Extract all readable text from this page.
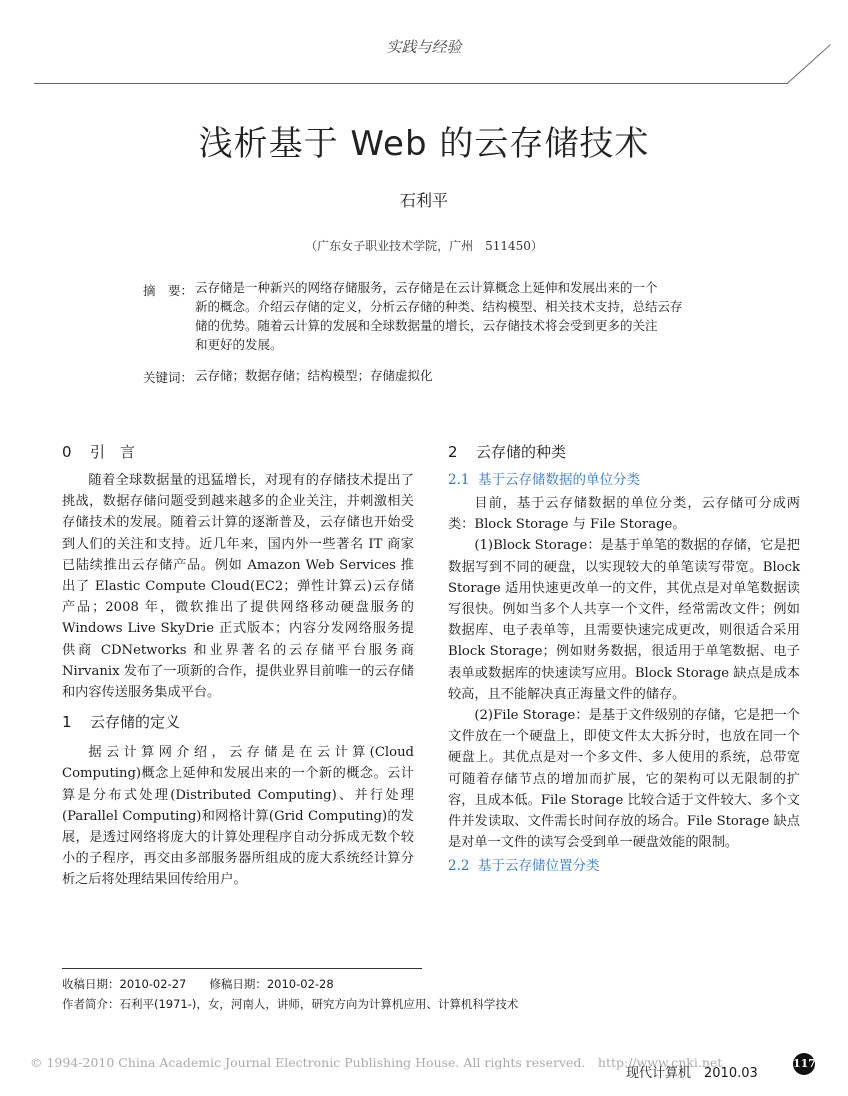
实践与经验
浅析基于 Web 的云存储技术
石利平
（广东女子职业技术学院，广州　511450）
摘　要： 云存储是一种新兴的网络存储服务，云存储是在云计算概念上延伸和发展出来的一个
新的概念。介绍云存储的定义，分析云存储的种类、结构模型、相关技术支持，总结云存
储的优势。随着云计算的发展和全球数据量的增长，云存储技术将会受到更多的关注
和更好的发展。
关键词： 云存储；数据存储；结构模型；存储虚拟化
0 引　言

随着全球数据量的迅猛增长，对现有的存储技术提出了挑战，数据存储问题受到越来越多的企业关注，并刺激相关存储技术的发展。随着云计算的逐渐普及，云存储也开始受到人们的关注和支持。近几年来，国内外一些著名 IT 商家已陆续推出云存储产品。例如 Amazon Web Services 推出了 Elastic Compute Cloud(EC2；弹性计算云)云存储产品；2008 年，微软推出了提供网络移动硬盘服务的 Windows Live SkyDrie 正式版本；内容分发网络服务提供商 CDNetworks 和业界著名的云存储平台服务商 Nirvanix 发布了一项新的合作，提供业界目前唯一的云存储和内容传送服务集成平台。

1 云存储的定义

据云计算网介绍，云存储是在云计算(Cloud Computing)概念上延伸和发展出来的一个新的概念。云计算是分布式处理(Distributed Computing)、并行处理(Parallel Computing)和网格计算(Grid Computing)的发展，是透过网络将庞大的计算处理程序自动分拆成无数个较小的子程序，再交由多部服务器所组成的庞大系统经计算分析之后将处理结果回传给用户。

2 云存储的种类
2.1 基于云存储数据的单位分类

目前，基于云存储数据的单位分类，云存储可分成两类：Block Storage 与 File Storage。

(1)Block Storage：是基于单笔的数据的存储，它是把数据写到不同的硬盘，以实现较大的单笔读写带宽。Block Storage 适用快速更改单一的文件，其优点是对单笔数据读写很快。例如当多个人共享一个文件，经常需改文件；例如数据库、电子表单等，且需要快速完成更改，则很适合采用 Block Storage；例如财务数据，很适用于单笔数据、电子表单或数据库的快速读写应用。Block Storage 缺点是成本较高，且不能解决真正海量文件的储存。

(2)File Storage：是基于文件级别的存储，它是把一个文件放在一个硬盘上，即使文件太大拆分时，也放在同一个硬盘上。其优点是对一个多文件、多人使用的系统，总带宽可随着存储节点的增加而扩展，它的架构可以无限制的扩容，且成本低。File Storage 比较合适于文件较大、多个文件并发读取、文件需长时间存放的场合。File Storage 缺点是对单一文件的读写会受到单一硬盘效能的限制。

2.2 基于云存储位置分类
收稿日期：2010-02-27　　修稿日期：2010-02-28
作者简介：石利平(1971-)，女，河南人，讲师，研究方向为计算机应用、计算机科学技术
© 1994-2010 China Academic Journal Electronic Publishing House. All rights reserved.　http://www.cnki.net
现代计算机　2010.03
117
